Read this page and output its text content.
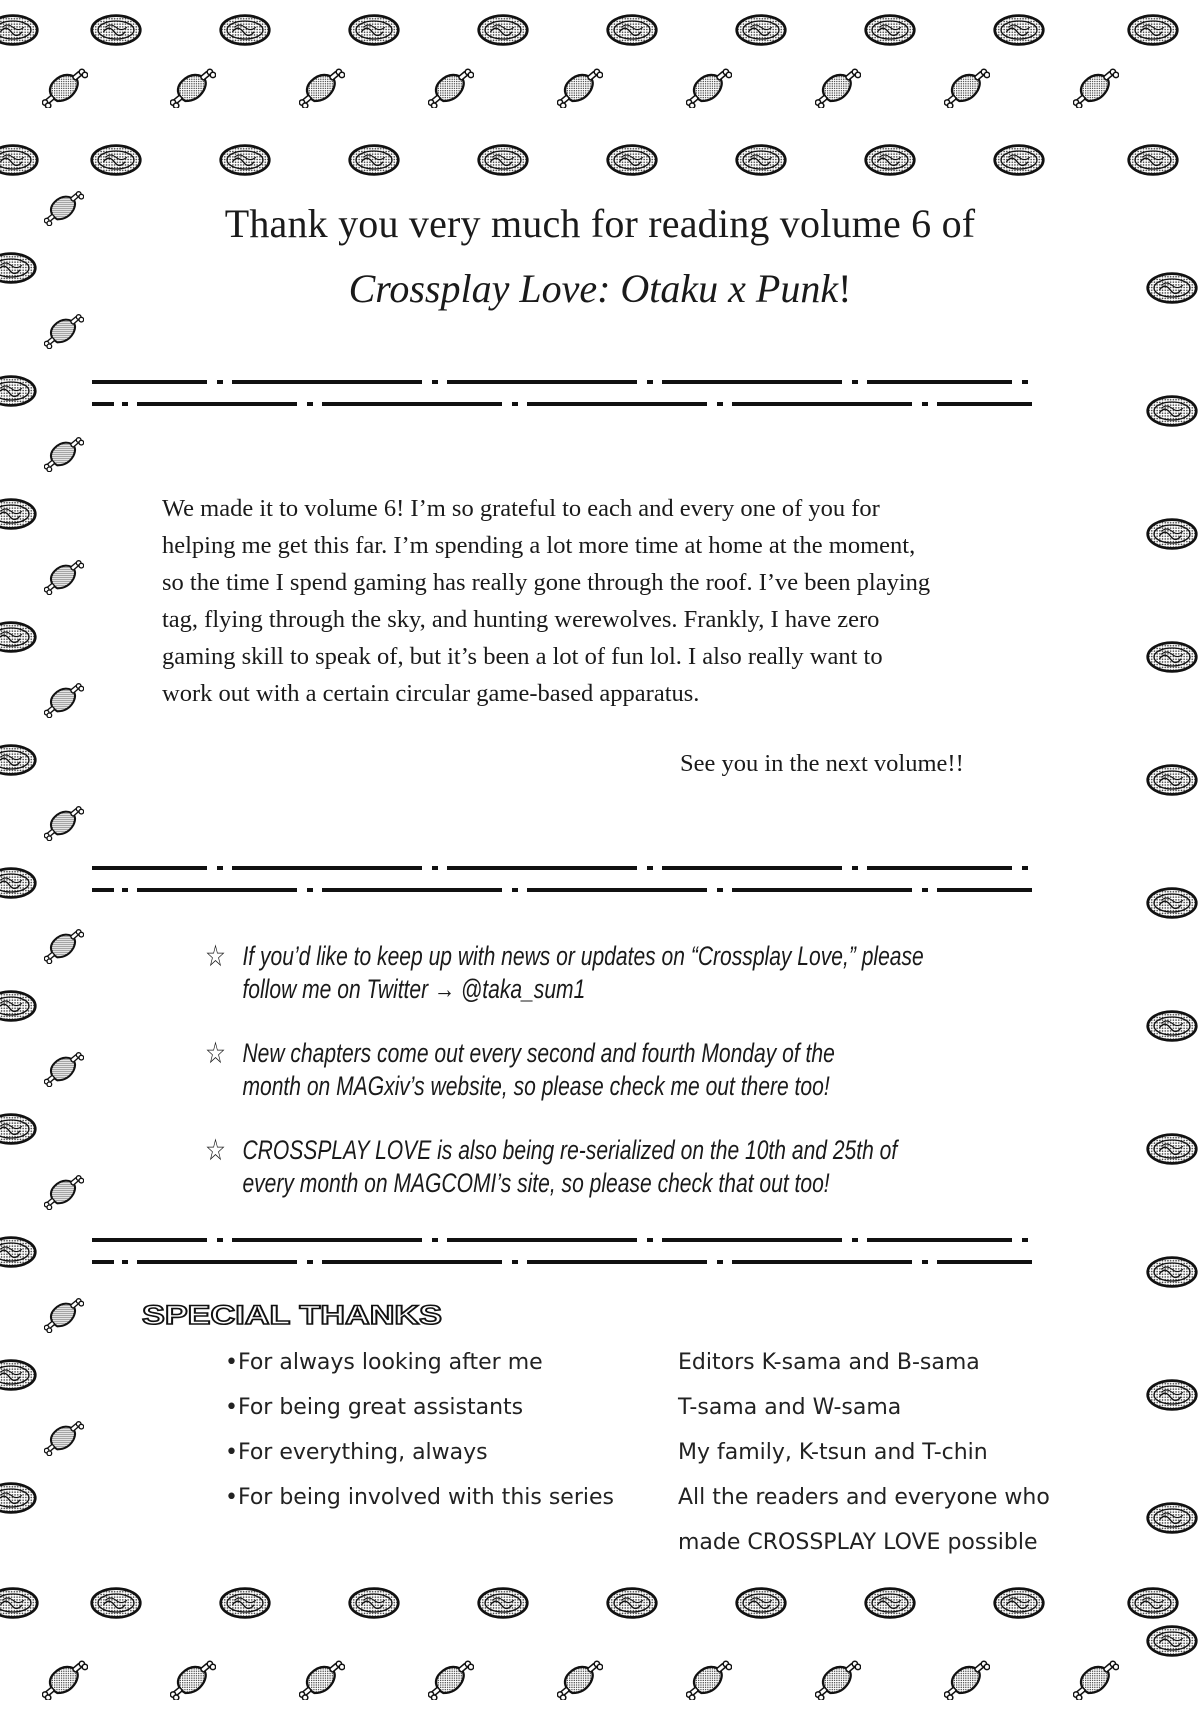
Thank you very much for reading volume 6 of
Crossplay Love: Otaku x Punk!
We made it to volume 6! I’m so grateful to each and every one of you for
helping me get this far. I’m spending a lot more time at home at the moment,
so the time I spend gaming has really gone through the roof. I’ve been playing
tag, flying through the sky, and hunting werewolves. Frankly, I have zero
gaming skill to speak of, but it’s been a lot of fun lol. I also really want to
work out with a certain circular game-based apparatus.

See you in the next volume!!

☆ If you’d like to keep up with news or updates on “Crossplay Love,” please
follow me on Twitter → @taka_sum1
☆ New chapters come out every second and fourth Monday of the
month on MAGxiv’s website, so please check me out there too!
☆ CROSSPLAY LOVE is also being re-serialized on the 10th and 25th of
every month on MAGCOMI’s site, so please check that out too!
SPECIAL THANKS
•For always looking after me
•For being great assistants
•For everything, always
•For being involved with this series
Editors K-sama and B-sama
T-sama and W-sama
My family, K-tsun and T-chin
All the readers and everyone who
made CROSSPLAY LOVE possible
